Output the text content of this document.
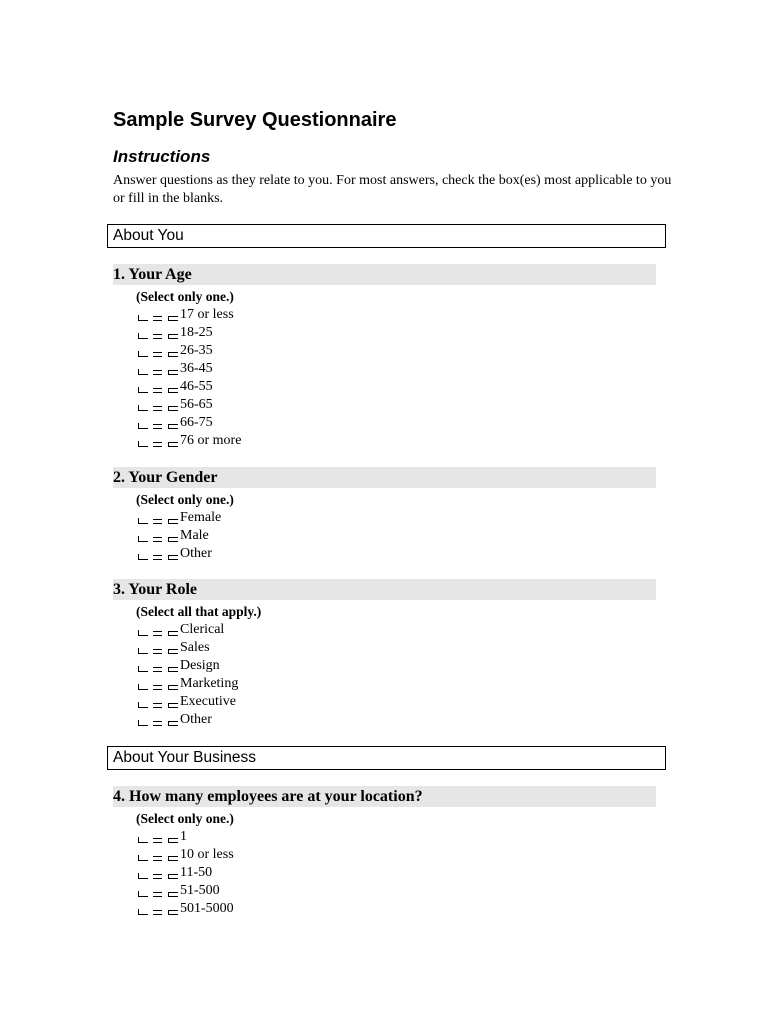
Sample Survey Questionnaire
Instructions
Answer questions as they relate to you. For most answers, check the box(es) most applicable to you or fill in the blanks.
About You
1. Your Age
(Select only one.)
17 or less
18-25
26-35
36-45
46-55
56-65
66-75
76 or more
2. Your Gender
(Select only one.)
Female
Male
Other
3. Your Role
(Select all that apply.)
Clerical
Sales
Design
Marketing
Executive
Other
About Your Business
4. How many employees are at your location?
(Select only one.)
1
10 or less
11-50
51-500
501-5000
